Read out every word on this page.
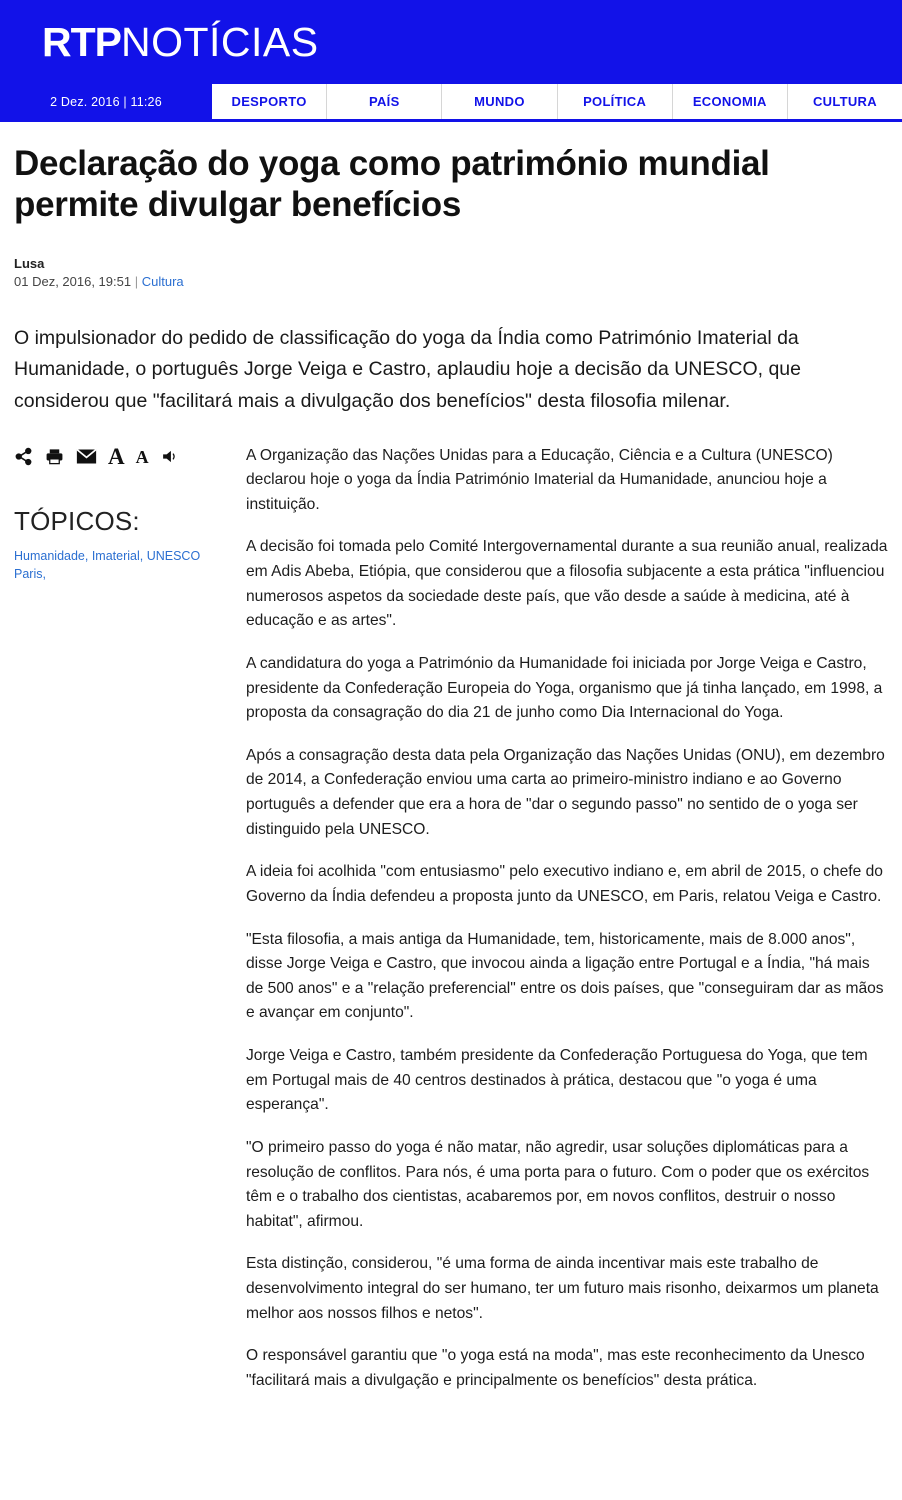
RTPNOTÍCIAS
2 Dez. 2016 | 11:26	DESPORTO	PAÍS	MUNDO	POLÍTICA	ECONOMIA	CULTURA
Declaração do yoga como património mundial permite divulgar benefícios
Lusa
01 Dez, 2016, 19:51 | Cultura
O impulsionador do pedido de classificação do yoga da Índia como Património Imaterial da Humanidade, o português Jorge Veiga e Castro, aplaudiu hoje a decisão da UNESCO, que considerou que "facilitará mais a divulgação dos benefícios" desta filosofia milenar.
A A
TÓPICOS:
Humanidade, Imaterial, UNESCO Paris,

A Organização das Nações Unidas para a Educação, Ciência e a Cultura (UNESCO) declarou hoje o yoga da Índia Património Imaterial da Humanidade, anunciou hoje a instituição.

A decisão foi tomada pelo Comité Intergovernamental durante a sua reunião anual, realizada em Adis Abeba, Etiópia, que considerou que a filosofia subjacente a esta prática "influenciou numerosos aspetos da sociedade deste país, que vão desde a saúde à medicina, até à educação e as artes".

A candidatura do yoga a Património da Humanidade foi iniciada por Jorge Veiga e Castro, presidente da Confederação Europeia do Yoga, organismo que já tinha lançado, em 1998, a proposta da consagração do dia 21 de junho como Dia Internacional do Yoga.

Após a consagração desta data pela Organização das Nações Unidas (ONU), em dezembro de 2014, a Confederação enviou uma carta ao primeiro-ministro indiano e ao Governo português a defender que era a hora de "dar o segundo passo" no sentido de o yoga ser distinguido pela UNESCO.

A ideia foi acolhida "com entusiasmo" pelo executivo indiano e, em abril de 2015, o chefe do Governo da Índia defendeu a proposta junto da UNESCO, em Paris, relatou Veiga e Castro.

"Esta filosofia, a mais antiga da Humanidade, tem, historicamente, mais de 8.000 anos", disse Jorge Veiga e Castro, que invocou ainda a ligação entre Portugal e a Índia, "há mais de 500 anos" e a "relação preferencial" entre os dois países, que "conseguiram dar as mãos e avançar em conjunto".

Jorge Veiga e Castro, também presidente da Confederação Portuguesa do Yoga, que tem em Portugal mais de 40 centros destinados à prática, destacou que "o yoga é uma esperança".

"O primeiro passo do yoga é não matar, não agredir, usar soluções diplomáticas para a resolução de conflitos. Para nós, é uma porta para o futuro. Com o poder que os exércitos têm e o trabalho dos cientistas, acabaremos por, em novos conflitos, destruir o nosso habitat", afirmou.

Esta distinção, considerou, "é uma forma de ainda incentivar mais este trabalho de desenvolvimento integral do ser humano, ter um futuro mais risonho, deixarmos um planeta melhor aos nossos filhos e netos".

O responsável garantiu que "o yoga está na moda", mas este reconhecimento da Unesco "facilitará mais a divulgação e principalmente os benefícios" desta prática.
